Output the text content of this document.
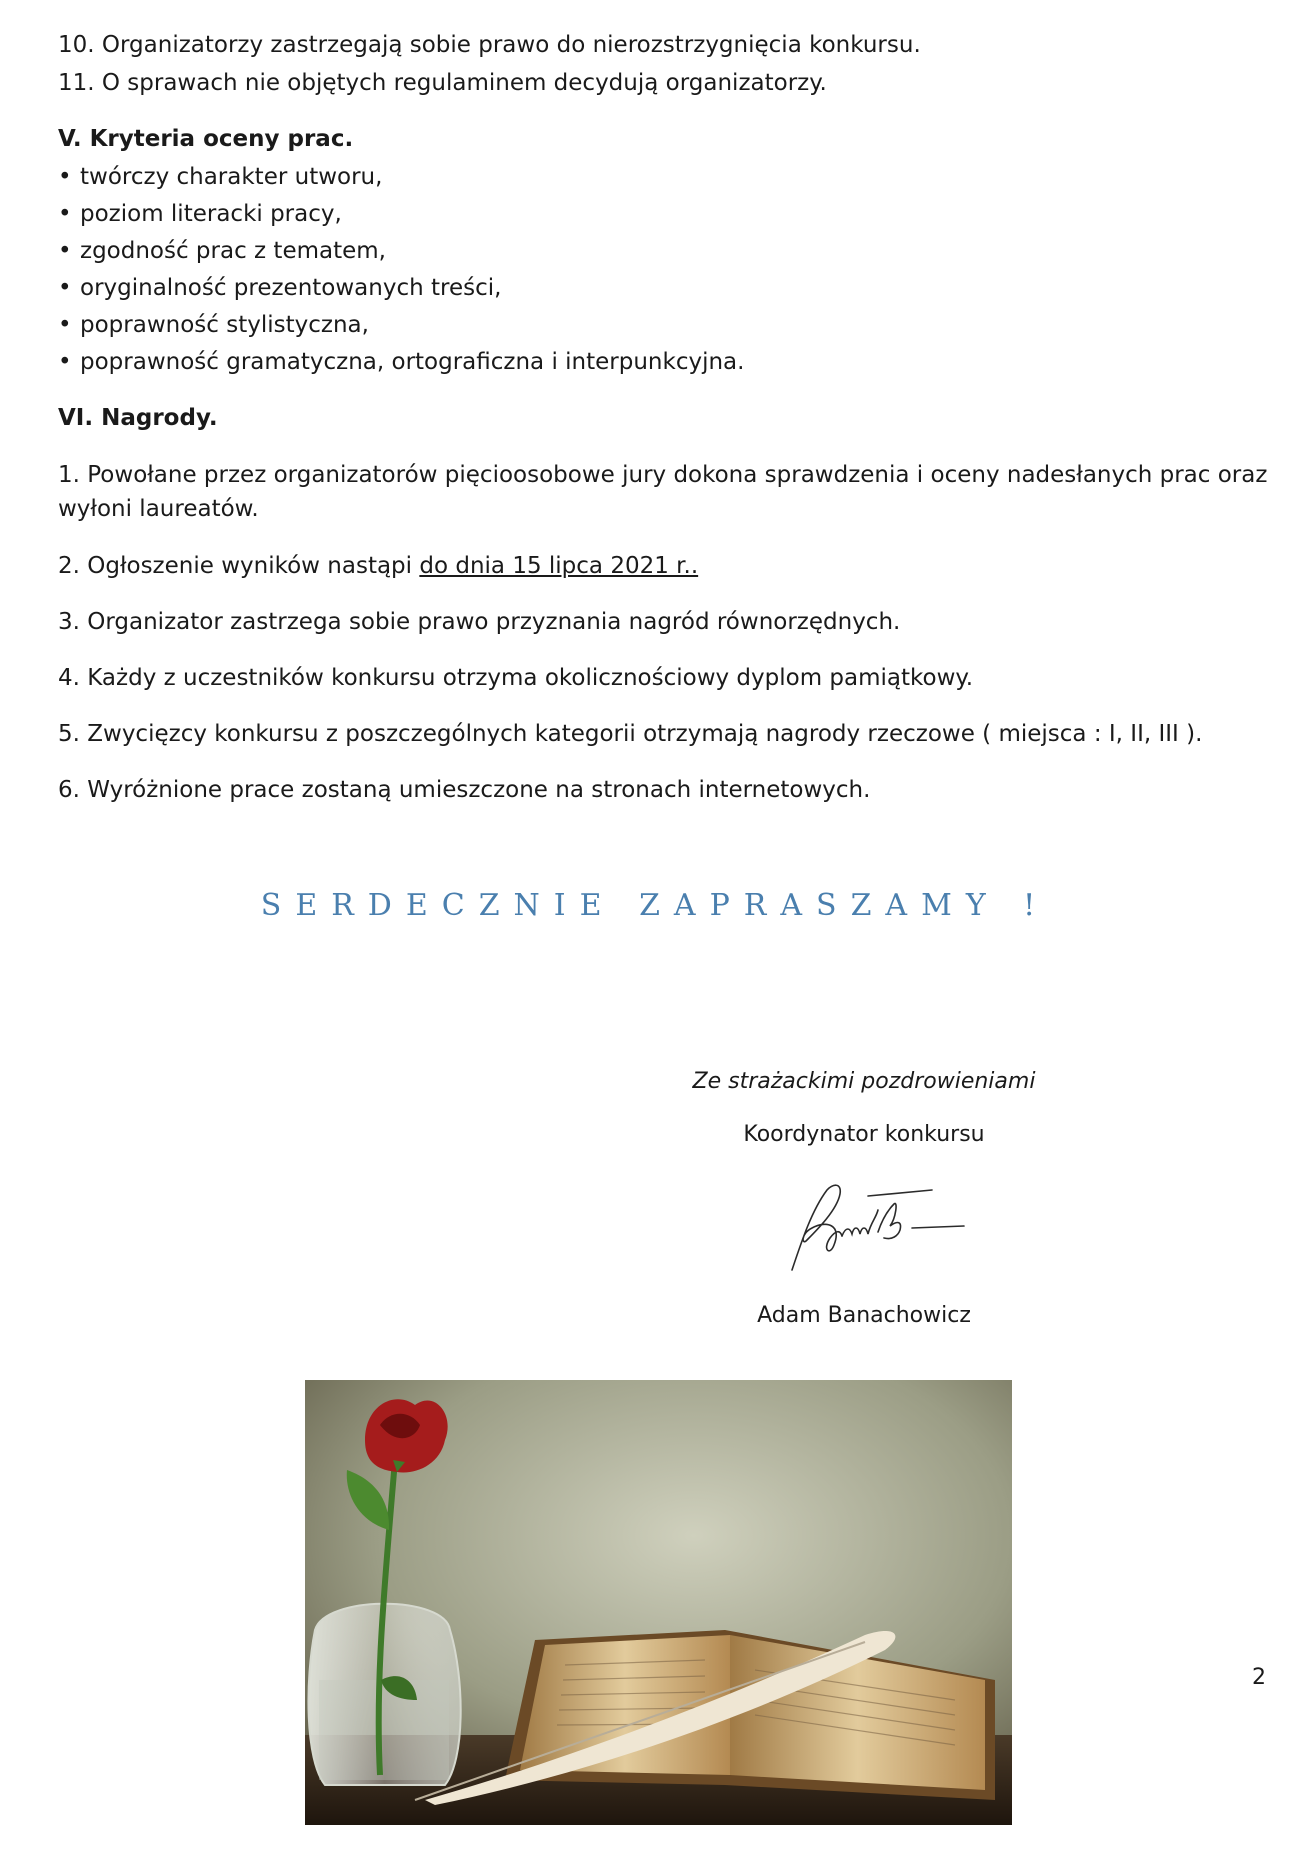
10. Organizatorzy zastrzegają sobie prawo do nierozstrzygnięcia konkursu.

11. O sprawach nie objętych regulaminem decydują organizatorzy.

V. Kryteria oceny prac.

• twórczy charakter utworu,

• poziom literacki pracy,

• zgodność prac z tematem,

• oryginalność prezentowanych treści,

• poprawność stylistyczna,

• poprawność gramatyczna, ortograficzna i interpunkcyjna.

VI. Nagrody.

1. Powołane przez organizatorów pięcioosobowe jury dokona sprawdzenia i oceny nadesłanych prac oraz

wyłoni laureatów.

2. Ogłoszenie wyników nastąpi do dnia 15 lipca 2021 r..

3. Organizator zastrzega sobie prawo przyznania nagród równorzędnych.

4. Każdy z uczestników konkursu otrzyma okolicznościowy dyplom pamiątkowy.

5. Zwycięzcy konkursu z poszczególnych kategorii otrzymają nagrody rzeczowe ( miejsca : I, II, III ).

6. Wyróżnione prace zostaną umieszczone na stronach internetowych.

SERDECZNIE ZAPRASZAMY !
Ze strażackimi pozdrowieniami
Koordynator konkursu
Adam Banachowicz
2
